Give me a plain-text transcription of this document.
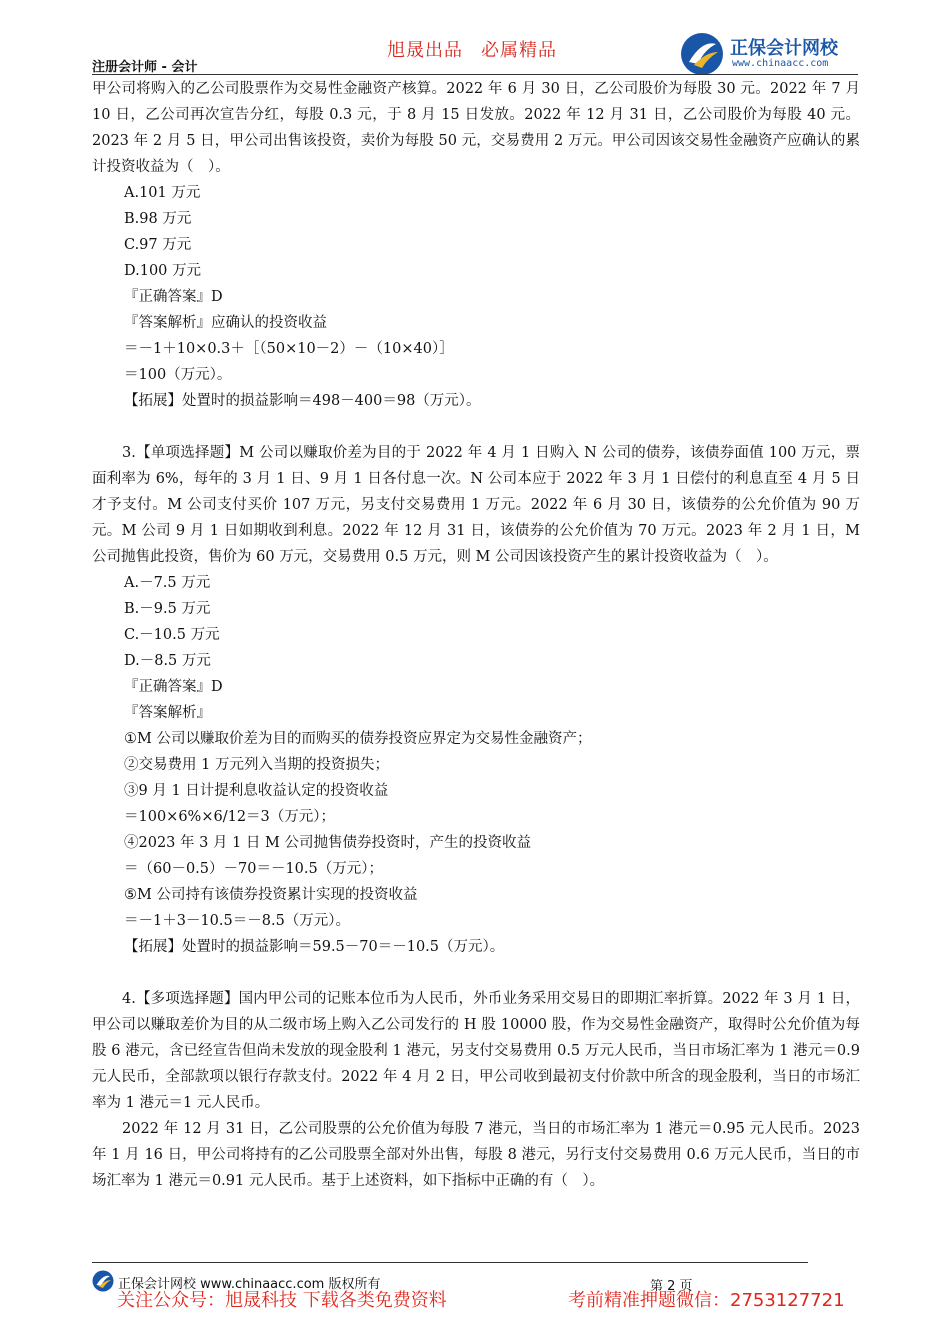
旭晟出品 必属精品
注册会计师 - 会计
正保会计网校
www.chinaacc.com

甲公司将购入的乙公司股票作为交易性金融资产核算。2022 年 6 月 30 日，乙公司股价为每股 30 元。2022 年 7 月 10 日，乙公司再次宣告分红，每股 0.3 元，于 8 月 15 日发放。2022 年 12 月 31 日，乙公司股价为每股 40 元。2023 年 2 月 5 日，甲公司出售该投资，卖价为每股 50 元，交易费用 2 万元。甲公司因该交易性金融资产应确认的累计投资收益为（　）。

A.101 万元

B.98 万元

C.97 万元

D.100 万元

『正确答案』D

『答案解析』应确认的投资收益

＝－1＋10×0.3＋［（50×10－2）－（10×40）］

＝100（万元）。

【拓展】处置时的损益影响＝498－400＝98（万元）。

3.【单项选择题】M 公司以赚取价差为目的于 2022 年 4 月 1 日购入 N 公司的债券，该债券面值 100 万元，票面利率为 6%，每年的 3 月 1 日、9 月 1 日各付息一次。N 公司本应于 2022 年 3 月 1 日偿付的利息直至 4 月 5 日才予支付。M 公司支付买价 107 万元，另支付交易费用 1 万元。2022 年 6 月 30 日，该债券的公允价值为 90 万元。M 公司 9 月 1 日如期收到利息。2022 年 12 月 31 日，该债券的公允价值为 70 万元。2023 年 2 月 1 日，M 公司抛售此投资，售价为 60 万元，交易费用 0.5 万元，则 M 公司因该投资产生的累计投资收益为（　）。

A.－7.5 万元

B.－9.5 万元

C.－10.5 万元

D.－8.5 万元

『正确答案』D

『答案解析』

①M 公司以赚取价差为目的而购买的债券投资应界定为交易性金融资产；

②交易费用 1 万元列入当期的投资损失；

③9 月 1 日计提利息收益认定的投资收益

＝100×6%×6/12＝3（万元）；

④2023 年 3 月 1 日 M 公司抛售债券投资时，产生的投资收益

＝（60－0.5）－70＝－10.5（万元）；

⑤M 公司持有该债券投资累计实现的投资收益

＝－1＋3－10.5＝－8.5（万元）。

【拓展】处置时的损益影响＝59.5－70＝－10.5（万元）。

4.【多项选择题】国内甲公司的记账本位币为人民币，外币业务采用交易日的即期汇率折算。2022 年 3 月 1 日，甲公司以赚取差价为目的从二级市场上购入乙公司发行的 H 股 10000 股，作为交易性金融资产，取得时公允价值为每股 6 港元，含已经宣告但尚未发放的现金股利 1 港元，另支付交易费用 0.5 万元人民币，当日市场汇率为 1 港元＝0.9 元人民币，全部款项以银行存款支付。2022 年 4 月 2 日，甲公司收到最初支付价款中所含的现金股利，当日的市场汇率为 1 港元＝1 元人民币。

2022 年 12 月 31 日，乙公司股票的公允价值为每股 7 港元，当日的市场汇率为 1 港元＝0.95 元人民币。2023 年 1 月 16 日，甲公司将持有的乙公司股票全部对外出售，每股 8 港元，另行支付交易费用 0.6 万元人民币，当日的市场汇率为 1 港元＝0.91 元人民币。基于上述资料，如下指标中正确的有（　）。

正保会计网校 www.chinaacc.com 版权所有	第 2 页
关注公众号：旭晟科技 下载各类免费资料	考前精准押题微信：2753127721
